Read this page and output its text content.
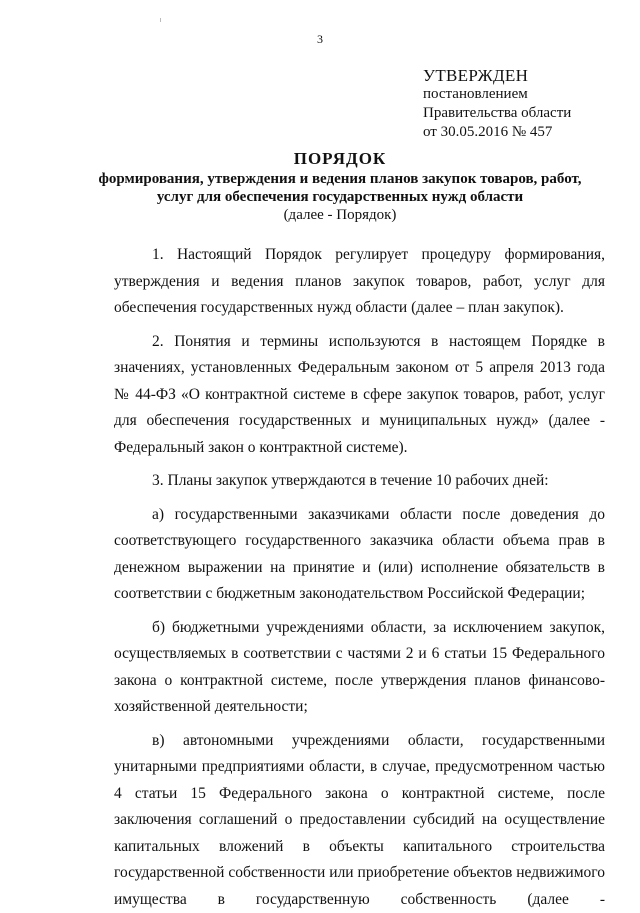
3
УТВЕРЖДЕН
постановлением
Правительства области
от 30.05.2016 № 457
ПОРЯДОК
формирования, утверждения и ведения планов закупок товаров, работ,
услуг для обеспечения государственных нужд области
(далее - Порядок)

1. Настоящий Порядок регулирует процедуру формирования, утверждения и ведения планов закупок товаров, работ, услуг для обеспечения государственных нужд области (далее – план закупок).

2. Понятия и термины используются в настоящем Порядке в значениях, установленных Федеральным законом от 5 апреля 2013 года № 44-ФЗ «О контрактной системе в сфере закупок товаров, работ, услуг для обеспечения государственных и муниципальных нужд» (далее - Федеральный закон о контрактной системе).

3. Планы закупок утверждаются в течение 10 рабочих дней:

а) государственными заказчиками области после доведения до соответствующего государственного заказчика области объема прав в денежном выражении на принятие и (или) исполнение обязательств в соответствии с бюджетным законодательством Российской Федерации;

б) бюджетными учреждениями области, за исключением закупок, осуществляемых в соответствии с частями 2 и 6 статьи 15 Федерального закона о контрактной системе, после утверждения планов финансово-хозяйственной деятельности;

в) автономными учреждениями области, государственными унитарными предприятиями области, в случае, предусмотренном частью 4 статьи 15 Федерального закона о контрактной системе, после заключения соглашений о предоставлении субсидий на осуществление капитальных вложений в объекты капитального строительства государственной собственности или приобретение объектов недвижимого имущества в государственную собственность (далее -
